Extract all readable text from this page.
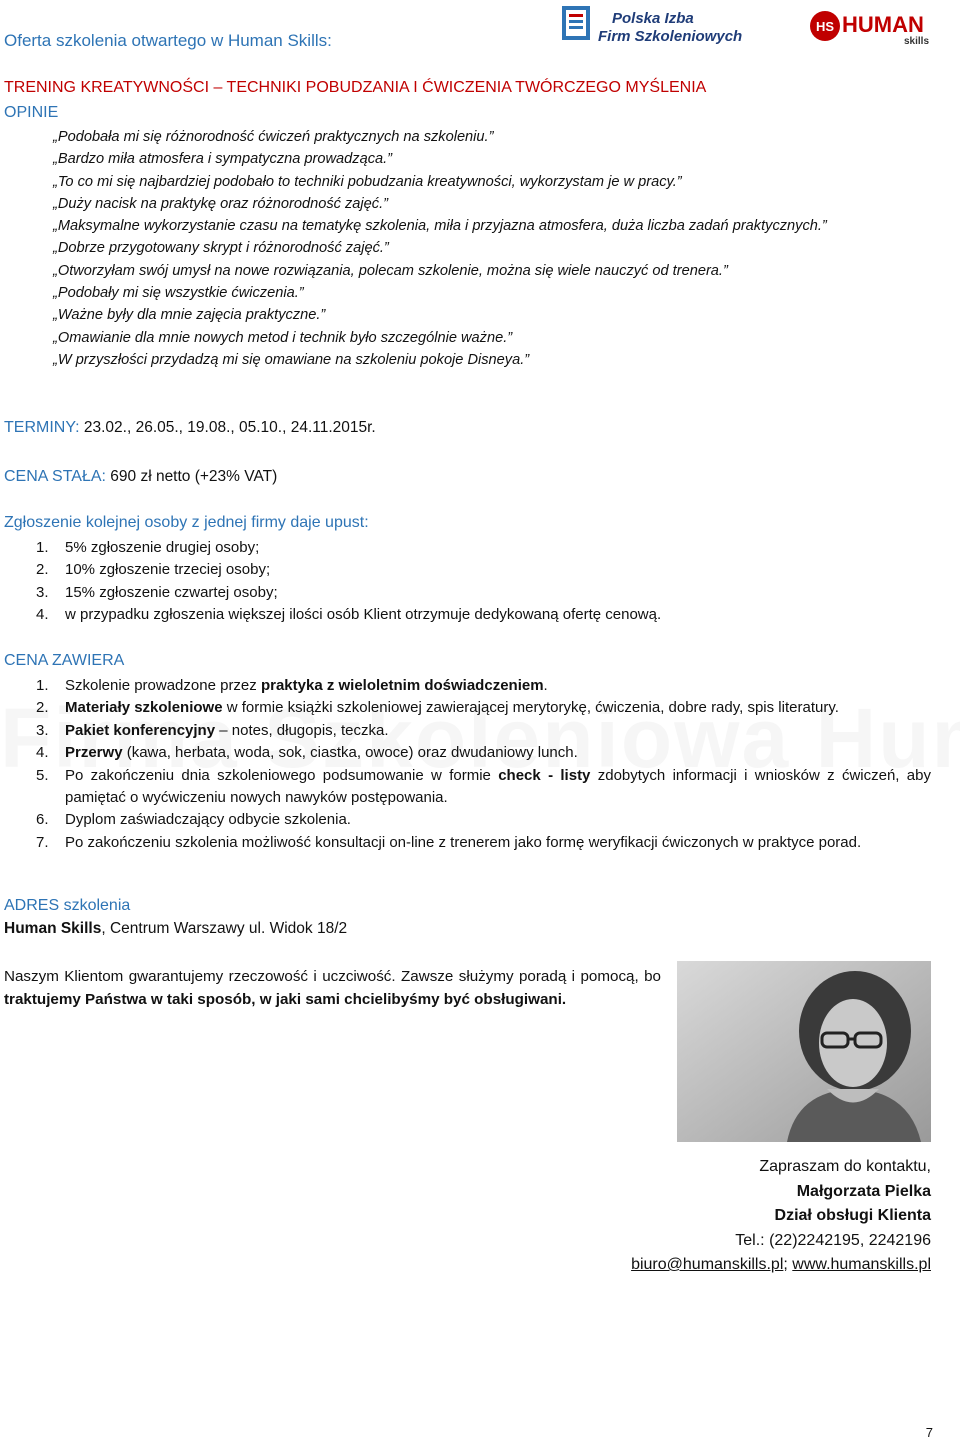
Oferta szkolenia otwartego w Human Skills:
Polska Izba
Firm Szkoleniowych
HS HUMAN
skills
TRENING KREATYWNOŚCI – TECHNIKI POBUDZANIA I ĆWICZENIA TWÓRCZEGO MYŚLENIA
OPINIE
„Podobała mi się różnorodność ćwiczeń praktycznych na szkoleniu.”
„Bardzo miła atmosfera i sympatyczna prowadząca.”
„To co mi się najbardziej podobało to techniki pobudzania kreatywności, wykorzystam je w pracy.”
„Duży nacisk na praktykę oraz różnorodność zajęć.”
„Maksymalne wykorzystanie czasu na tematykę szkolenia, miła i przyjazna atmosfera, duża liczba zadań praktycznych.”
„Dobrze przygotowany skrypt i różnorodność zajęć.”
„Otworzyłam swój umysł na nowe rozwiązania, polecam szkolenie, można się wiele nauczyć od trenera.”
„Podobały mi się wszystkie ćwiczenia.”
„Ważne były dla mnie zajęcia praktyczne.”
„Omawianie dla mnie nowych metod i technik było szczególnie ważne.”
„W przyszłości przydadzą mi się omawiane na szkoleniu pokoje Disneya.”
TERMINY: 23.02., 26.05., 19.08., 05.10., 24.11.2015r.
CENA STAŁA: 690 zł netto (+23% VAT)
Zgłoszenie kolejnej osoby z jednej firmy daje upust:
1. 5% zgłoszenie drugiej osoby;
2. 10% zgłoszenie trzeciej osoby;
3. 15% zgłoszenie czwartej osoby;
4. w przypadku zgłoszenia większej ilości osób Klient otrzymuje dedykowaną ofertę cenową.
CENA ZAWIERA
1. Szkolenie prowadzone przez praktyka z wieloletnim doświadczeniem.
2. Materiały szkoleniowe w formie książki szkoleniowej zawierającej merytorykę, ćwiczenia, dobre rady, spis literatury.
3. Pakiet konferencyjny – notes, długopis, teczka.
4. Przerwy (kawa, herbata, woda, sok, ciastka, owoce) oraz dwudaniowy lunch.
5. Po zakończeniu dnia szkoleniowego podsumowanie w formie check - listy zdobytych informacji i wniosków z ćwiczeń, aby pamiętać o wyćwiczeniu nowych nawyków postępowania.
6. Dyplom zaświadczający odbycie szkolenia.
7. Po zakończeniu szkolenia możliwość konsultacji on-line z trenerem jako formę weryfikacji ćwiczonych w praktyce porad.
ADRES szkolenia
Human Skills, Centrum Warszawy ul. Widok 18/2
Naszym Klientom gwarantujemy rzeczowość i uczciwość. Zawsze służymy poradą i pomocą, bo traktujemy Państwa w taki sposób, w jaki sami chcielibyśmy być obsługiwani.
Zapraszam do kontaktu,
Małgorzata Pielka
Dział obsługi Klienta
Tel.: (22)2242195, 2242196
biuro@humanskills.pl; www.humanskills.pl
7
